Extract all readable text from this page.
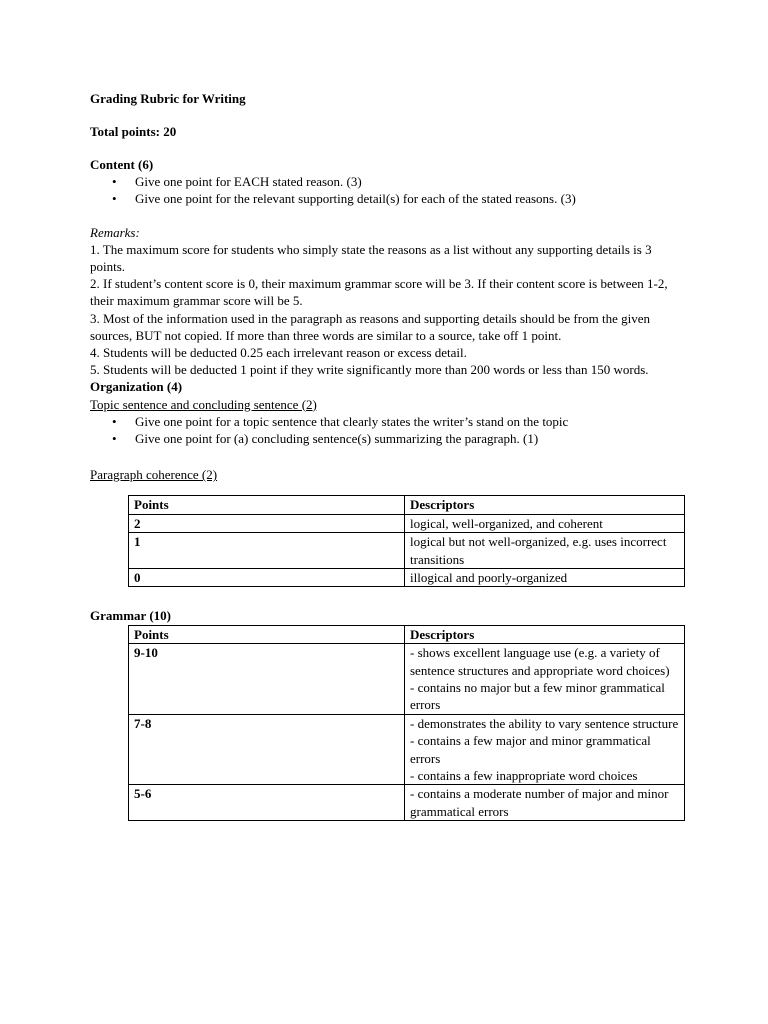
Grading Rubric for Writing
Total points: 20
Content (6)
• Give one point for EACH stated reason. (3)
• Give one point for the relevant supporting detail(s) for each of the stated reasons. (3)
Remarks:

1. The maximum score for students who simply state the reasons as a list without any supporting details is 3 points.

2. If student’s content score is 0, their maximum grammar score will be 3. If their content score is between 1-2, their maximum grammar score will be 5.

3. Most of the information used in the paragraph as reasons and supporting details should be from the given sources, BUT not copied. If more than three words are similar to a source, take off 1 point.

4. Students will be deducted 0.25 each irrelevant reason or excess detail.

5. Students will be deducted 1 point if they write significantly more than 200 words or less than 150 words.

Organization (4)
Topic sentence and concluding sentence (2)
• Give one point for a topic sentence that clearly states the writer’s stand on the topic
• Give one point for (a) concluding sentence(s) summarizing the paragraph. (1)
Paragraph coherence (2)
Points	Descriptors
2	logical, well-organized, and coherent
1	logical but not well-organized, e.g. uses incorrect transitions
0	illogical and poorly-organized
Grammar (10)
Points	Descriptors
9-10	- shows excellent language use (e.g. a variety of sentence structures and appropriate word choices)
- contains no major but a few minor grammatical errors

7-8	- demonstrates the ability to vary sentence structure
- contains a few major and minor grammatical errors
- contains a few inappropriate word choices

5-6	- contains a moderate number of major and minor grammatical errors
